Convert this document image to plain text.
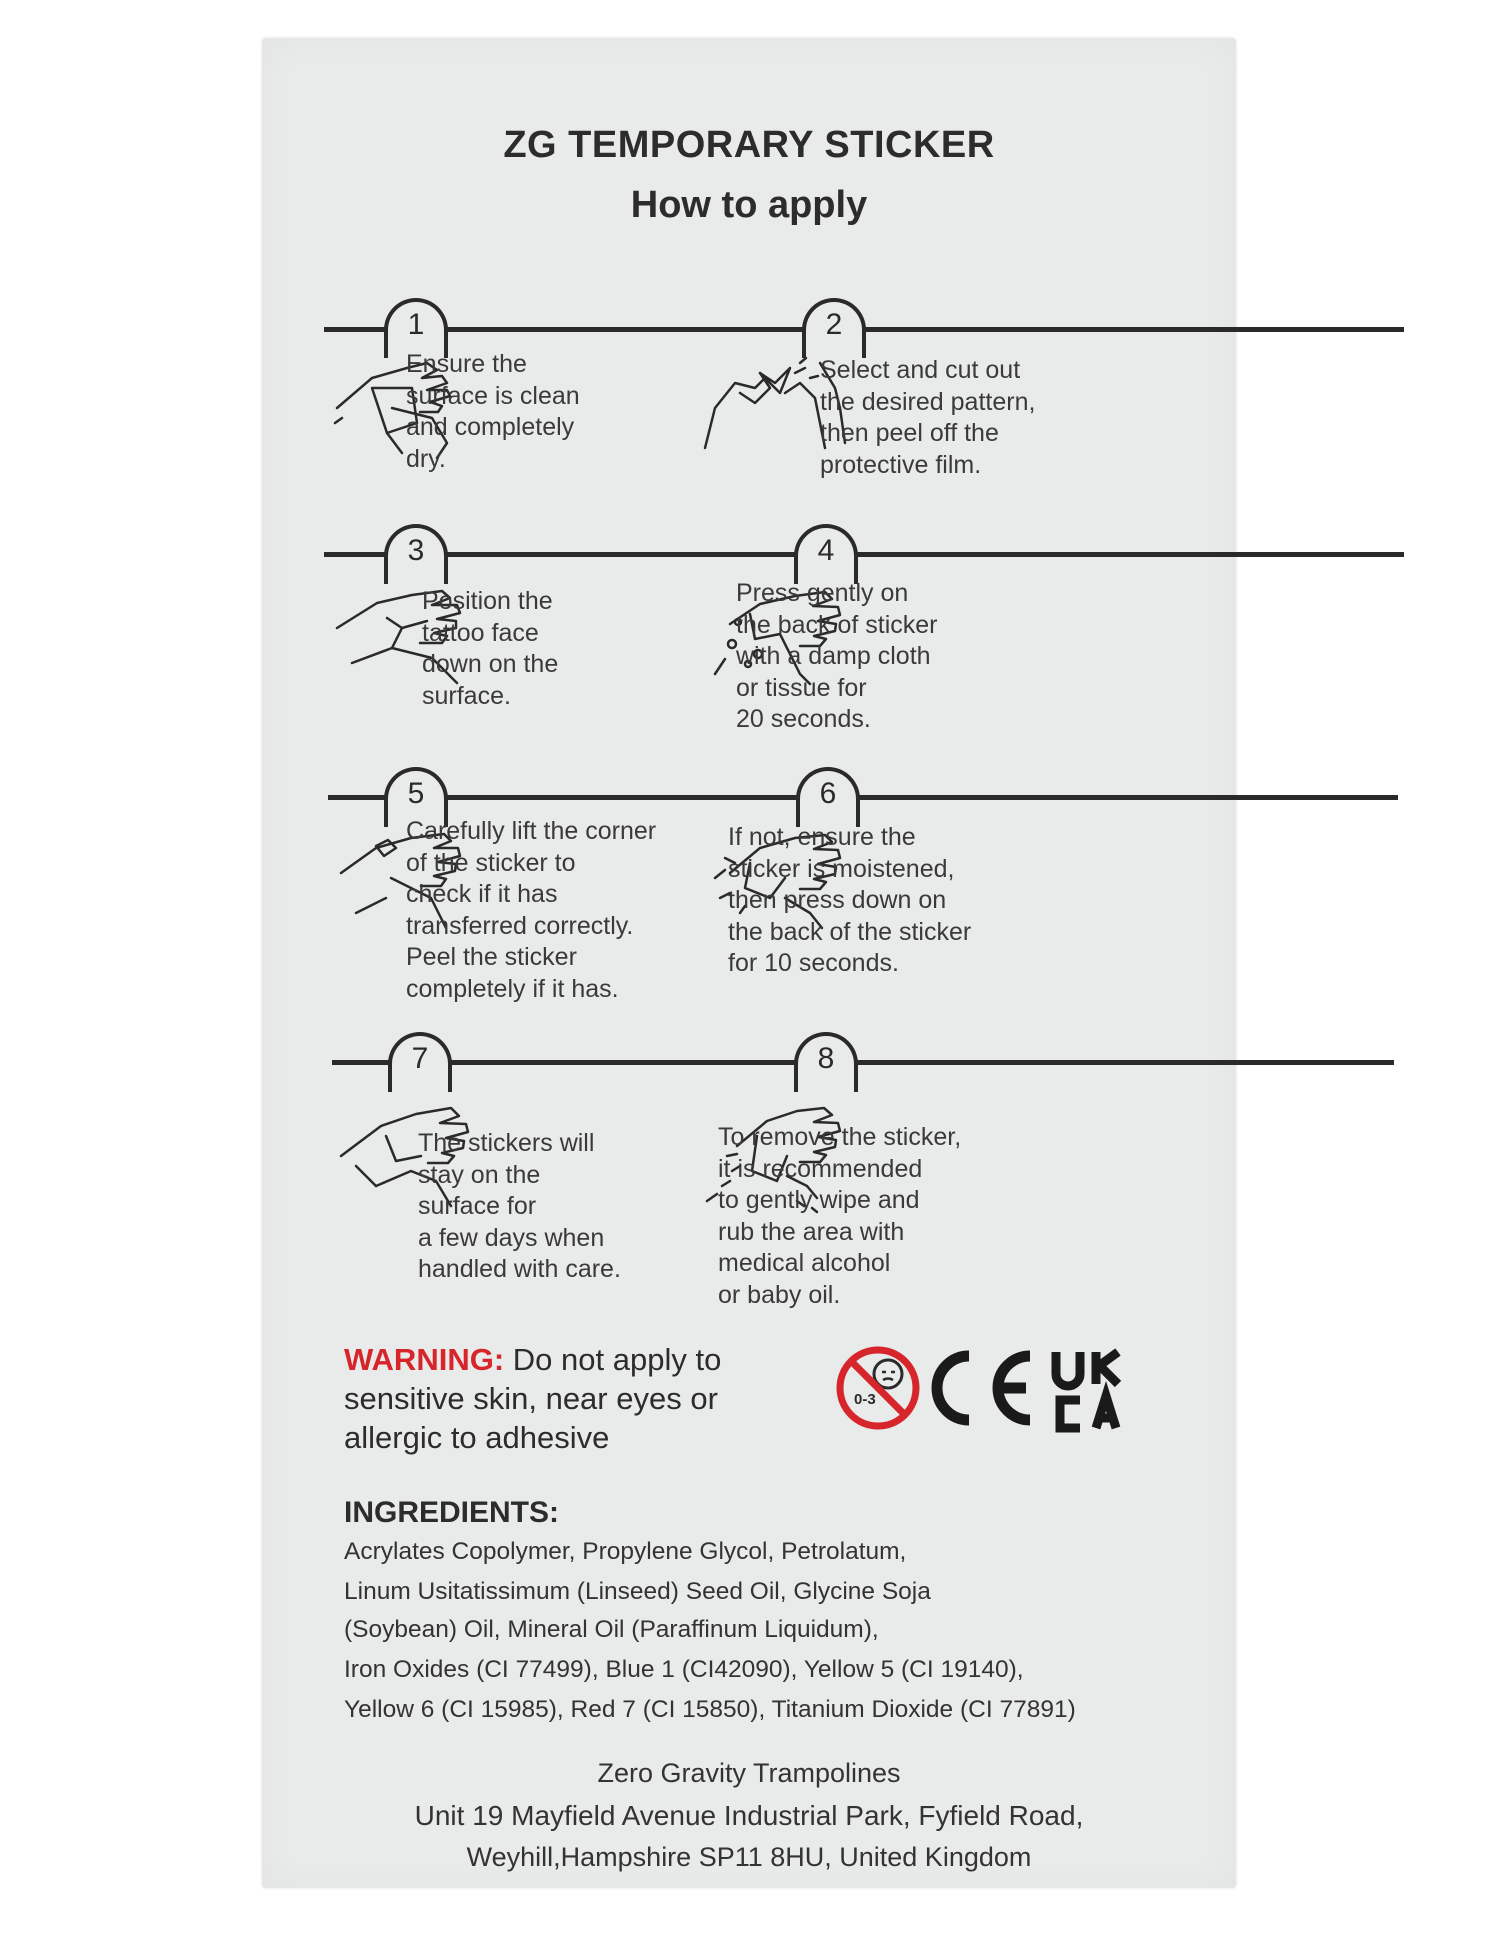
ZG TEMPORARY STICKER
How to apply
1	2
Ensure the
surface is clean
and completely
dry.
Select and cut out
the desired pattern,
then peel off the
protective film.
3	4
Position the
tattoo face
down on the
surface.
Press gently on
the back of sticker
with a damp cloth
or tissue for
20 seconds.
5	6
Carefully lift the corner
of the sticker to
check if it has
transferred correctly.
Peel the sticker
completely if it has.
If not, ensure the
sticker is moistened,
then press down on
the back of the sticker
for 10 seconds.
7	8
The stickers will
stay on the
surface for
a few days when
handled with care.
To remove the sticker,
it is recommended
to gently wipe and
rub the area with
medical alcohol
or baby oil.
WARNING: Do not apply to sensitive skin, near eyes or allergic to adhesive
0-3
INGREDIENTS:
Acrylates Copolymer, Propylene Glycol, Petrolatum,
Linum Usitatissimum (Linseed) Seed Oil, Glycine Soja
(Soybean) Oil, Mineral Oil (Paraffinum Liquidum),
Iron Oxides (CI 77499), Blue 1 (CI42090), Yellow 5 (CI 19140),
Yellow 6 (CI 15985), Red 7 (CI 15850), Titanium Dioxide (CI 77891)
Zero Gravity Trampolines
Unit 19 Mayfield Avenue Industrial Park, Fyfield Road,
Weyhill,Hampshire SP11 8HU, United Kingdom
